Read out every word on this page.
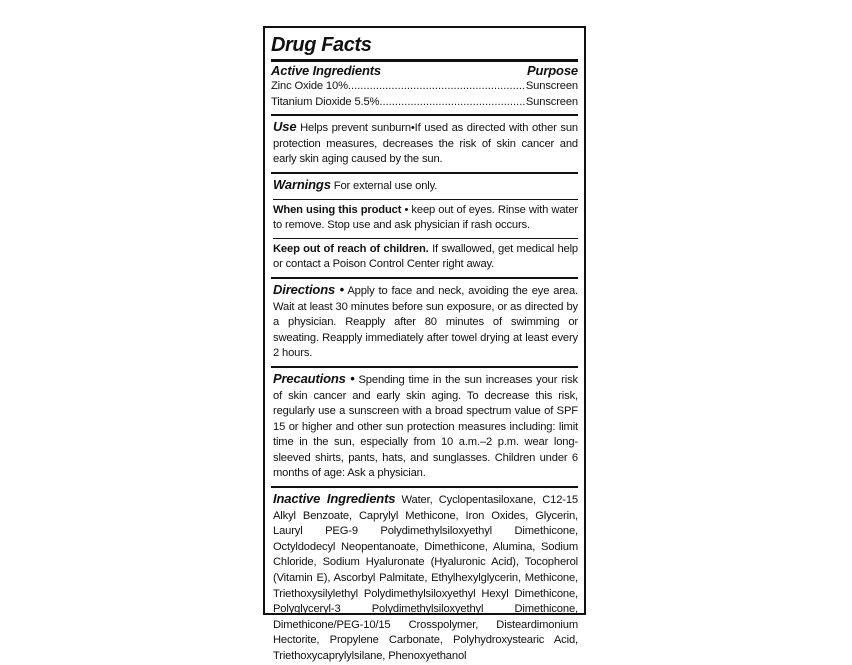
Drug Facts
Active Ingredients	Purpose
Zinc Oxide 10% .....	Sunscreen
Titanium Dioxide 5.5% .....	Sunscreen

Use Helps prevent sunburn•If used as directed with other sun protection measures, decreases the risk of skin cancer and early skin aging caused by the sun.

Warnings For external use only.

When using this product • keep out of eyes. Rinse with water to remove. Stop use and ask physician if rash occurs.

Keep out of reach of children. If swallowed, get medical help or contact a Poison Control Center right away.

Directions • Apply to face and neck, avoiding the eye area. Wait at least 30 minutes before sun exposure, or as directed by a physician. Reapply after 80 minutes of swimming or sweating. Reapply immediately after towel drying at least every 2 hours.

Precautions • Spending time in the sun increases your risk of skin cancer and early skin aging. To decrease this risk, regularly use a sunscreen with a broad spectrum value of SPF 15 or higher and other sun protection measures including: limit time in the sun, especially from 10 a.m.–2 p.m. wear long-sleeved shirts, pants, hats, and sunglasses. Children under 6 months of age: Ask a physician.

Inactive Ingredients Water, Cyclopentasiloxane, C12-15 Alkyl Benzoate, Caprylyl Methicone, Iron Oxides, Glycerin, Lauryl PEG-9 Polydimethylsiloxyethyl Dimethicone, Octyldodecyl Neopentanoate, Dimethicone, Alumina, Sodium Chloride, Sodium Hyaluronate (Hyaluronic Acid), Tocopherol (Vitamin E), Ascorbyl Palmitate, Ethylhexylglycerin, Methicone, Triethoxysilylethyl Polydimethylsiloxyethyl Hexyl Dimethicone, Polyglyceryl-3 Polydimethylsiloxyethyl Dimethicone, Dimethicone/PEG-10/15 Crosspolymer, Disteardimonium Hectorite, Propylene Carbonate, Polyhydroxystearic Acid, Triethoxycaprylylsilane, Phenoxyethanol
